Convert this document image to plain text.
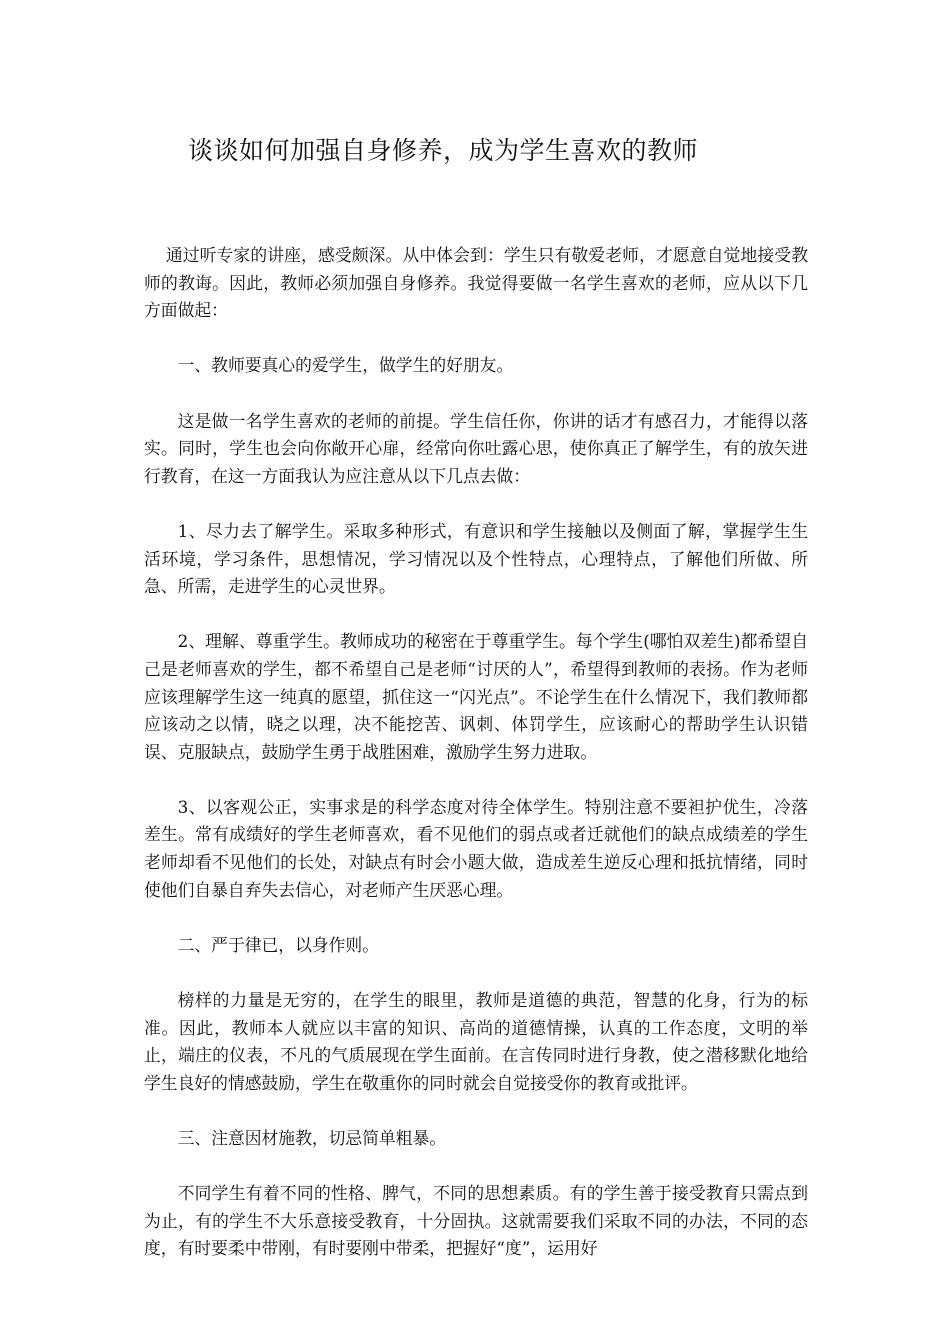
谈谈如何加强自身修养，成为学生喜欢的教师

通过听专家的讲座，感受颇深。从中体会到：学生只有敬爱老师，才愿意自觉地接受教师的教诲。因此，教师必须加强自身修养。我觉得要做一名学生喜欢的老师，应从以下几方面做起：

一、教师要真心的爱学生，做学生的好朋友。

这是做一名学生喜欢的老师的前提。学生信任你，你讲的话才有感召力，才能得以落实。同时，学生也会向你敞开心扉，经常向你吐露心思，使你真正了解学生，有的放矢进行教育，在这一方面我认为应注意从以下几点去做：

1、尽力去了解学生。采取多种形式，有意识和学生接触以及侧面了解，掌握学生生活环境，学习条件，思想情况，学习情况以及个性特点，心理特点，了解他们所做、所急、所需，走进学生的心灵世界。

2、理解、尊重学生。教师成功的秘密在于尊重学生。每个学生(哪怕双差生)都希望自己是老师喜欢的学生，都不希望自己是老师“讨厌的人”，希望得到教师的表扬。作为老师应该理解学生这一纯真的愿望，抓住这一“闪光点”。不论学生在什么情况下，我们教师都应该动之以情，晓之以理，决不能挖苦、讽刺、体罚学生，应该耐心的帮助学生认识错误、克服缺点，鼓励学生勇于战胜困难，激励学生努力进取。

3、以客观公正，实事求是的科学态度对待全体学生。特别注意不要袒护优生，冷落差生。常有成绩好的学生老师喜欢，看不见他们的弱点或者迁就他们的缺点成绩差的学生老师却看不见他们的长处，对缺点有时会小题大做，造成差生逆反心理和抵抗情绪，同时使他们自暴自弃失去信心，对老师产生厌恶心理。

二、严于律已，以身作则。

榜样的力量是无穷的，在学生的眼里，教师是道德的典范，智慧的化身，行为的标准。因此，教师本人就应以丰富的知识、高尚的道德情操，认真的工作态度，文明的举止，端庄的仪表，不凡的气质展现在学生面前。在言传同时进行身教，使之潜移默化地给学生良好的情感鼓励，学生在敬重你的同时就会自觉接受你的教育或批评。

三、注意因材施教，切忌简单粗暴。

不同学生有着不同的性格、脾气，不同的思想素质。有的学生善于接受教育只需点到为止，有的学生不大乐意接受教育，十分固执。这就需要我们采取不同的办法，不同的态度，有时要柔中带刚，有时要刚中带柔，把握好“度”，运用好
